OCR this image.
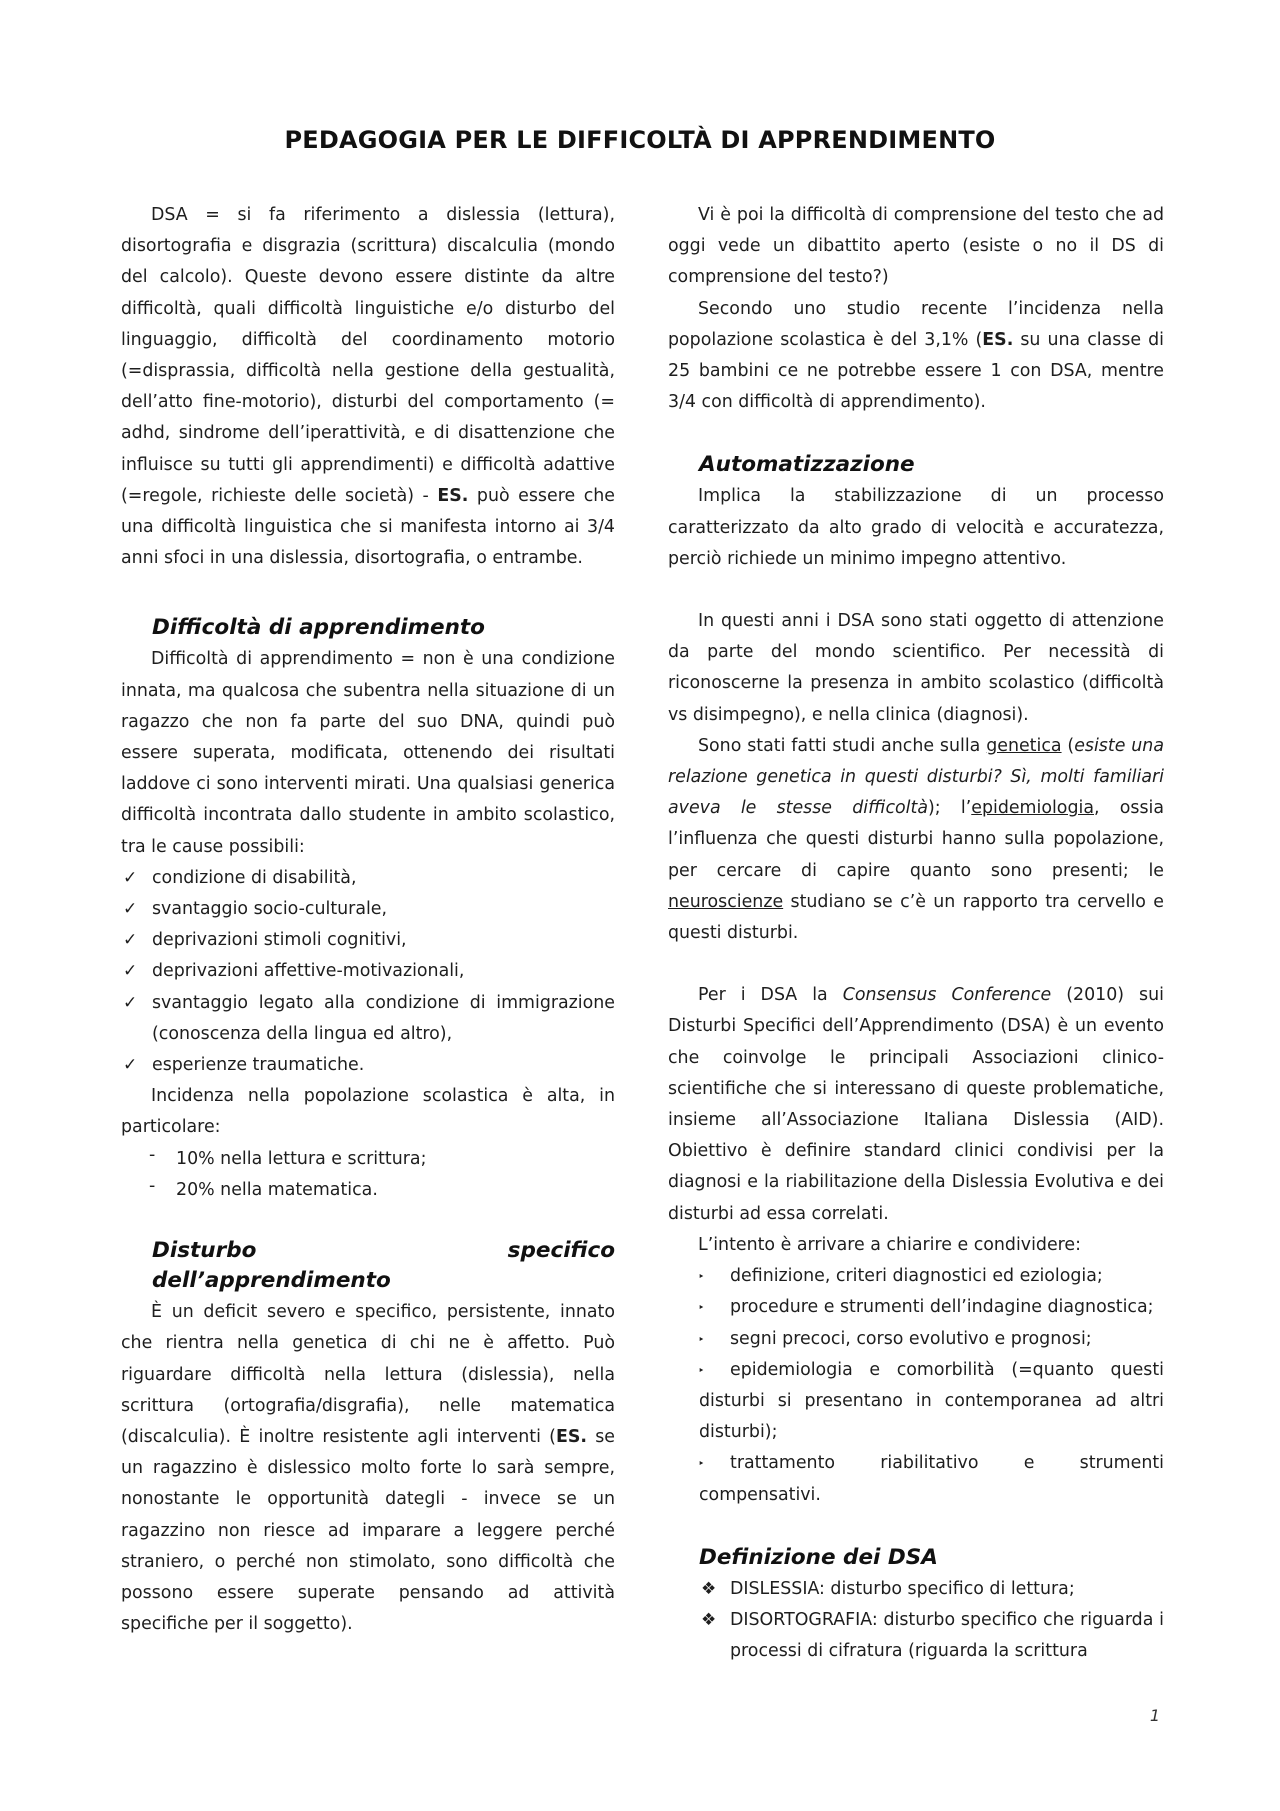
PEDAGOGIA PER LE DIFFICOLTÀ DI APPRENDIMENTO

DSA = si fa riferimento a dislessia (lettura), disortografia e disgrazia (scrittura) discalculia (mondo del calcolo). Queste devono essere distinte da altre difficoltà, quali difficoltà linguistiche e/o disturbo del linguaggio, difficoltà del coordinamento motorio (=disprassia, difficoltà nella gestione della gestualità, dell’atto fine-motorio), disturbi del comportamento (= adhd, sindrome dell’iperattività, e di disattenzione che influisce su tutti gli apprendimenti) e difficoltà adattive (=regole, richieste delle società) - ES. può essere che una difficoltà linguistica che si manifesta intorno ai 3/4 anni sfoci in una dislessia, disortografia, o entrambe.

Difficoltà di apprendimento

Difficoltà di apprendimento = non è una condizione innata, ma qualcosa che subentra nella situazione di un ragazzo che non fa parte del suo DNA, quindi può essere superata, modificata, ottenendo dei risultati laddove ci sono interventi mirati. Una qualsiasi generica difficoltà incontrata dallo studente in ambito scolastico, tra le cause possibili:

✓ condizione di disabilità,
✓ svantaggio socio-culturale,
✓ deprivazioni stimoli cognitivi,
✓ deprivazioni affettive-motivazionali,
✓ svantaggio legato alla condizione di immigrazione (conoscenza della lingua ed altro),
✓ esperienze traumatiche.

Incidenza nella popolazione scolastica è alta, in particolare:

- 10% nella lettura e scrittura;
- 20% nella matematica.
Disturbo specifico dell’apprendimento

È un deficit severo e specifico, persistente, innato che rientra nella genetica di chi ne è affetto. Può riguardare difficoltà nella lettura (dislessia), nella scrittura (ortografia/disgrafia), nelle matematica (discalculia). È inoltre resistente agli interventi (ES. se un ragazzino è dislessico molto forte lo sarà sempre, nonostante le opportunità dategli - invece se un ragazzino non riesce ad imparare a leggere perché straniero, o perché non stimolato, sono difficoltà che possono essere superate pensando ad attività specifiche per il soggetto).

Vi è poi la difficoltà di comprensione del testo che ad oggi vede un dibattito aperto (esiste o no il DS di comprensione del testo?)

Secondo uno studio recente l’incidenza nella popolazione scolastica è del 3,1% (ES. su una classe di 25 bambini ce ne potrebbe essere 1 con DSA, mentre 3/4 con difficoltà di apprendimento).

Automatizzazione

Implica la stabilizzazione di un processo caratterizzato da alto grado di velocità e accuratezza, perciò richiede un minimo impegno attentivo.

In questi anni i DSA sono stati oggetto di attenzione da parte del mondo scientifico. Per necessità di riconoscerne la presenza in ambito scolastico (difficoltà vs disimpegno), e nella clinica (diagnosi).

Sono stati fatti studi anche sulla genetica (esiste una relazione genetica in questi disturbi? Sì, molti familiari aveva le stesse difficoltà); l’epidemiologia, ossia l’influenza che questi disturbi hanno sulla popolazione, per cercare di capire quanto sono presenti; le neuroscienze studiano se c’è un rapporto tra cervello e questi disturbi.

Per i DSA la Consensus Conference (2010) sui Disturbi Specifici dell’Apprendimento (DSA) è un evento che coinvolge le principali Associazioni clinico-scientifiche che si interessano di queste problematiche, insieme all’Associazione Italiana Dislessia (AID). Obiettivo è definire standard clinici condivisi per la diagnosi e la riabilitazione della Dislessia Evolutiva e dei disturbi ad essa correlati.

L’intento è arrivare a chiarire e condividere:

‣ definizione, criteri diagnostici ed eziologia;
‣ procedure e strumenti dell’indagine diagnostica;
‣ segni precoci, corso evolutivo e prognosi;
‣ epidemiologia e comorbilità (=quanto questi disturbi si presentano in contemporanea ad altri disturbi);
‣ trattamento riabilitativo e strumenti compensativi.
Definizione dei DSA
❖ DISLESSIA: disturbo specifico di lettura;
❖ DISORTOGRAFIA: disturbo specifico che riguarda i processi di cifratura (riguarda la scrittura
1
